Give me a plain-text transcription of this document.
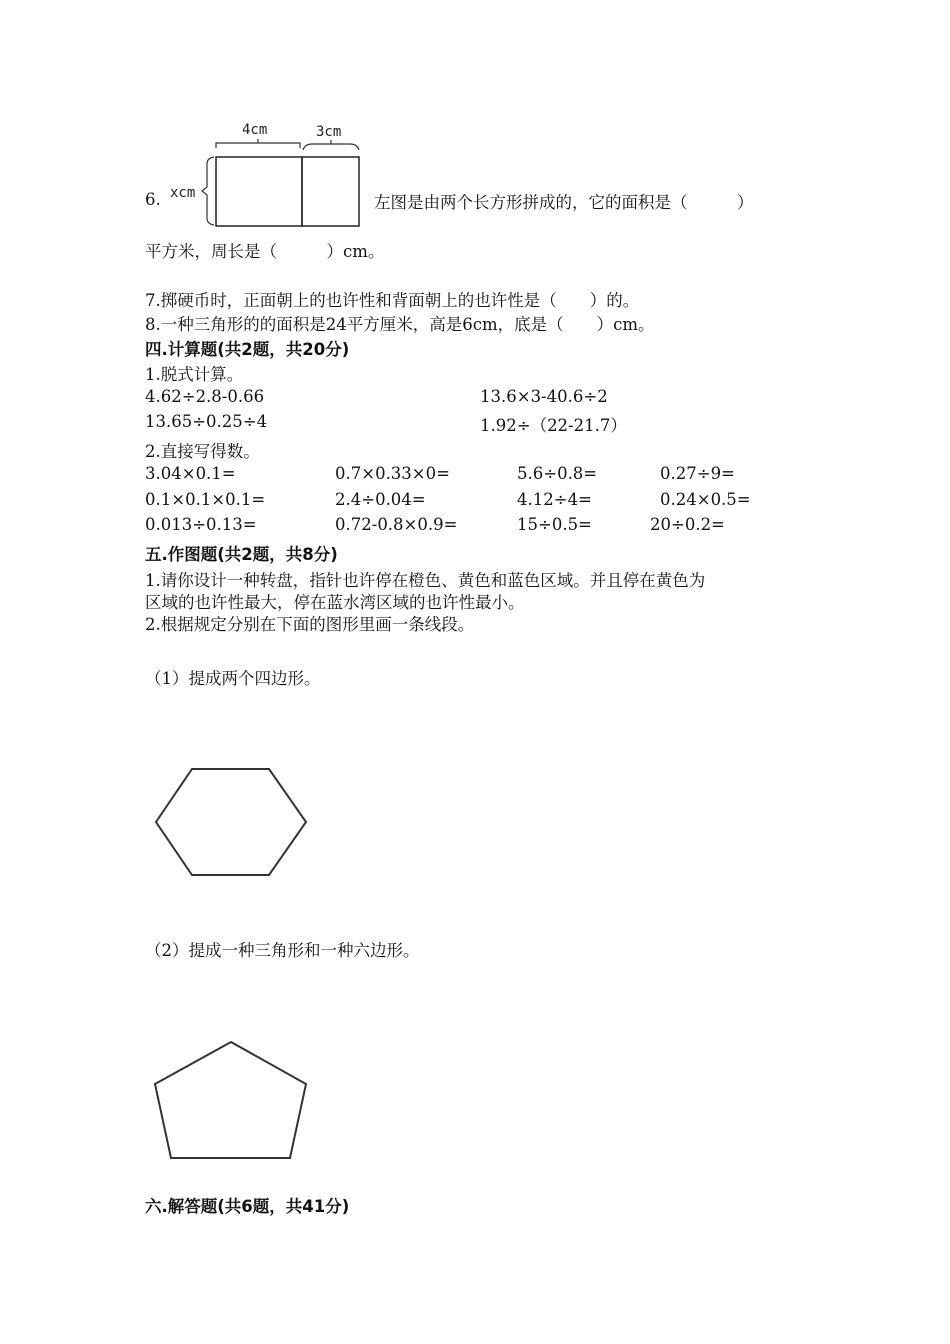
6.
4cm	3cm
xcm	左图是由两个长方形拼成的，它的面积是（　　　）
平方米，周长是（　　　）cm。
7.掷硬币时，正面朝上的也许性和背面朝上的也许性是（　　）的。
8.一种三角形的的面积是24平方厘米，高是6cm，底是（　　）cm。
四.计算题(共2题，共20分)
1.脱式计算。
4.62÷2.8-0.66	13.6×3-40.6÷2
13.65÷0.25÷4	1.92÷（22-21.7）
2.直接写得数。
3.04×0.1=	0.7×0.33×0=	5.6÷0.8=	0.27÷9=
0.1×0.1×0.1=	2.4÷0.04=	4.12÷4=	0.24×0.5=
0.013÷0.13=	0.72-0.8×0.9=	15÷0.5=	20÷0.2=
五.作图题(共2题，共8分)
1.请你设计一种转盘，指针也许停在橙色、黄色和蓝色区域。并且停在黄色为
区域的也许性最大，停在蓝水湾区域的也许性最小。
2.根据规定分别在下面的图形里画一条线段。
（1）提成两个四边形。
（2）提成一种三角形和一种六边形。
六.解答题(共6题，共41分)
